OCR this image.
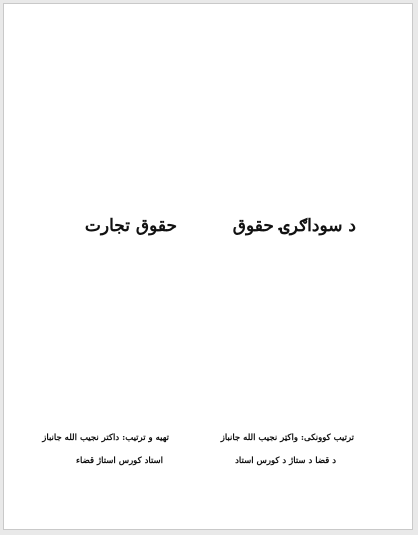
د سوداګرۍ حقوق
حقوق تجارت
ترتیب کوونکی: واکټر نجیب الله جانباز
د قضا د ستاژ د کورس استاد
تهیه و ترتیب: داکتر نجیب الله جانباز
استاد کورس استاژ قضاء
